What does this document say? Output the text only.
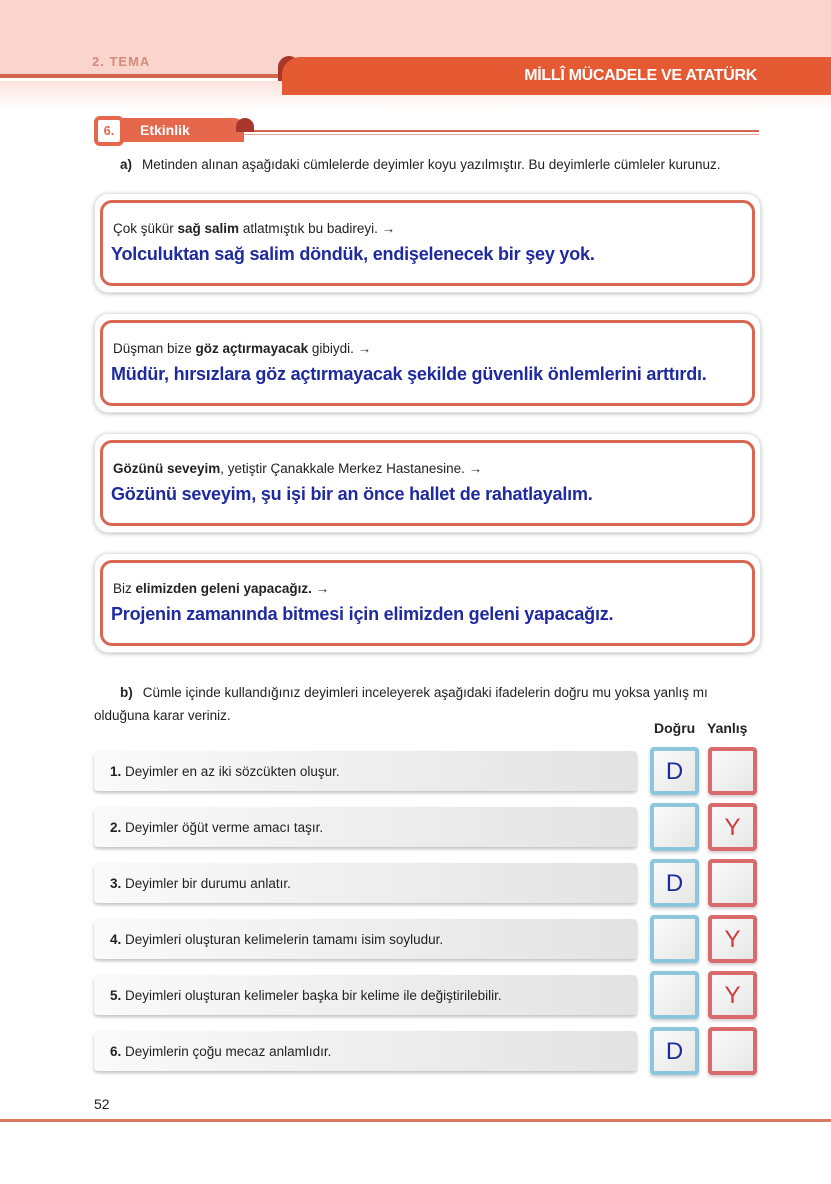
2. TEMA
MİLLÎ MÜCADELE VE ATATÜRK
6.	Etkinlik
a) Metinden alınan aşağıdaki cümlelerde deyimler koyu yazılmıştır. Bu deyimlerle cümleler kurunuz.
Çok şükür sağ salim atlatmıştık bu badireyi. →
Yolculuktan sağ salim döndük, endişelenecek bir şey yok.
Düşman bize göz açtırmayacak gibiydi. →
Müdür, hırsızlara göz açtırmayacak şekilde güvenlik önlemlerini arttırdı.
Gözünü seveyim, yetiştir Çanakkale Merkez Hastanesine. →
Gözünü seveyim, şu işi bir an önce hallet de rahatlayalım.
Biz elimizden geleni yapacağız. →
Projenin zamanında bitmesi için elimizden geleni yapacağız.
b) Cümle içinde kullandığınız deyimleri inceleyerek aşağıdaki ifadelerin doğru mu yoksa yanlış mı olduğuna karar veriniz.
Doğru Yanlış
1. Deyimler en az iki sözcükten oluşur.	D
2. Deyimler öğüt verme amacı taşır.	Y
3. Deyimler bir durumu anlatır.	D
4. Deyimleri oluşturan kelimelerin tamamı isim soyludur.	Y
5. Deyimleri oluşturan kelimeler başka bir kelime ile değiştirilebilir.	Y
6. Deyimlerin çoğu mecaz anlamlıdır.	D
52
